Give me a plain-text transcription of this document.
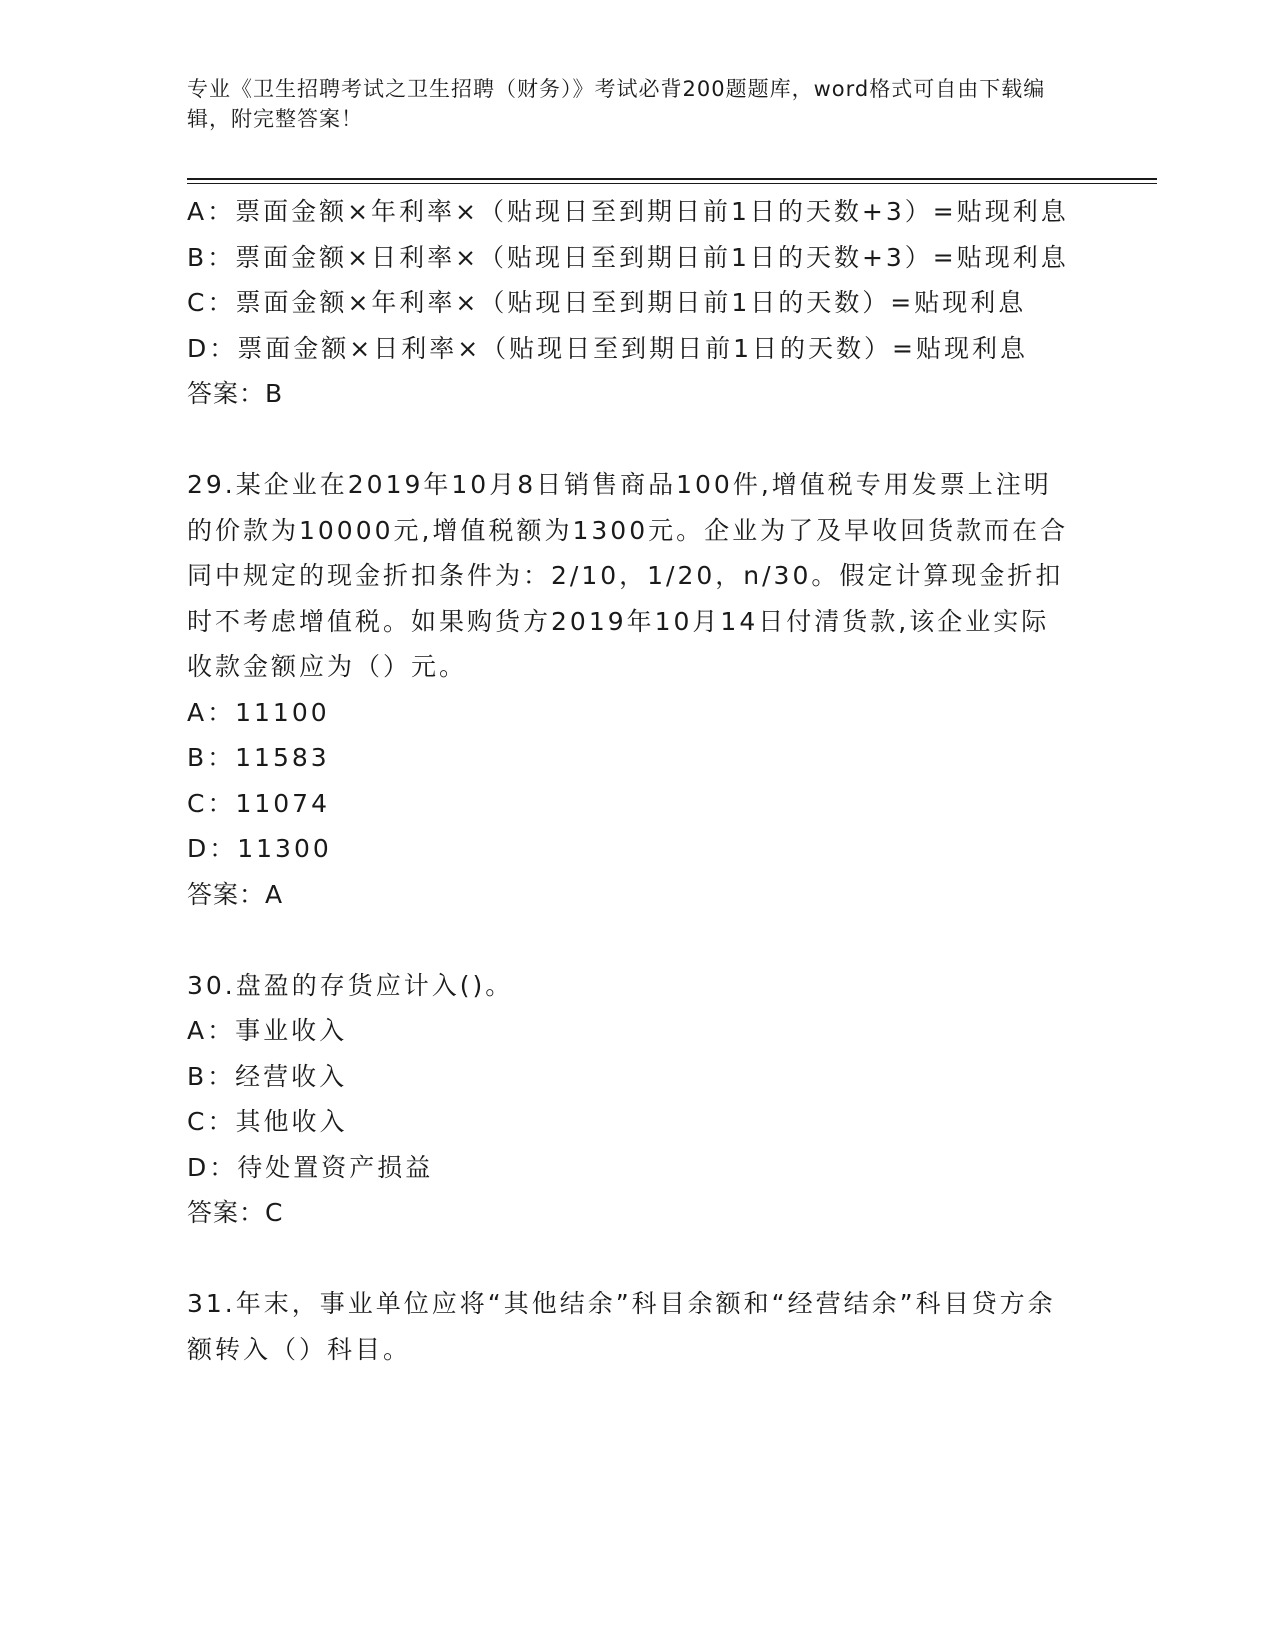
专业《卫生招聘考试之卫生招聘（财务）》考试必背200题题库，word格式可自由下载编辑，附完整答案！
A：票面金额×年利率×（贴现日至到期日前1日的天数+3）=贴现利息
B：票面金额×日利率×（贴现日至到期日前1日的天数+3）=贴现利息
C：票面金额×年利率×（贴现日至到期日前1日的天数）=贴现利息
D：票面金额×日利率×（贴现日至到期日前1日的天数）=贴现利息
答案：B
29.某企业在2019年10月8日销售商品100件,增值税专用发票上注明的价款为10000元,增值税额为1300元。企业为了及早收回货款而在合同中规定的现金折扣条件为：2/10，1/20，n/30。假定计算现金折扣时不考虑增值税。如果购货方2019年10月14日付清货款,该企业实际收款金额应为（）元。
A：11100
B：11583
C：11074
D：11300
答案：A
30.盘盈的存货应计入()。
A：事业收入
B：经营收入
C：其他收入
D：待处置资产损益
答案：C
31.年末，事业单位应将“其他结余”科目余额和“经营结余”科目贷方余额转入（）科目。
